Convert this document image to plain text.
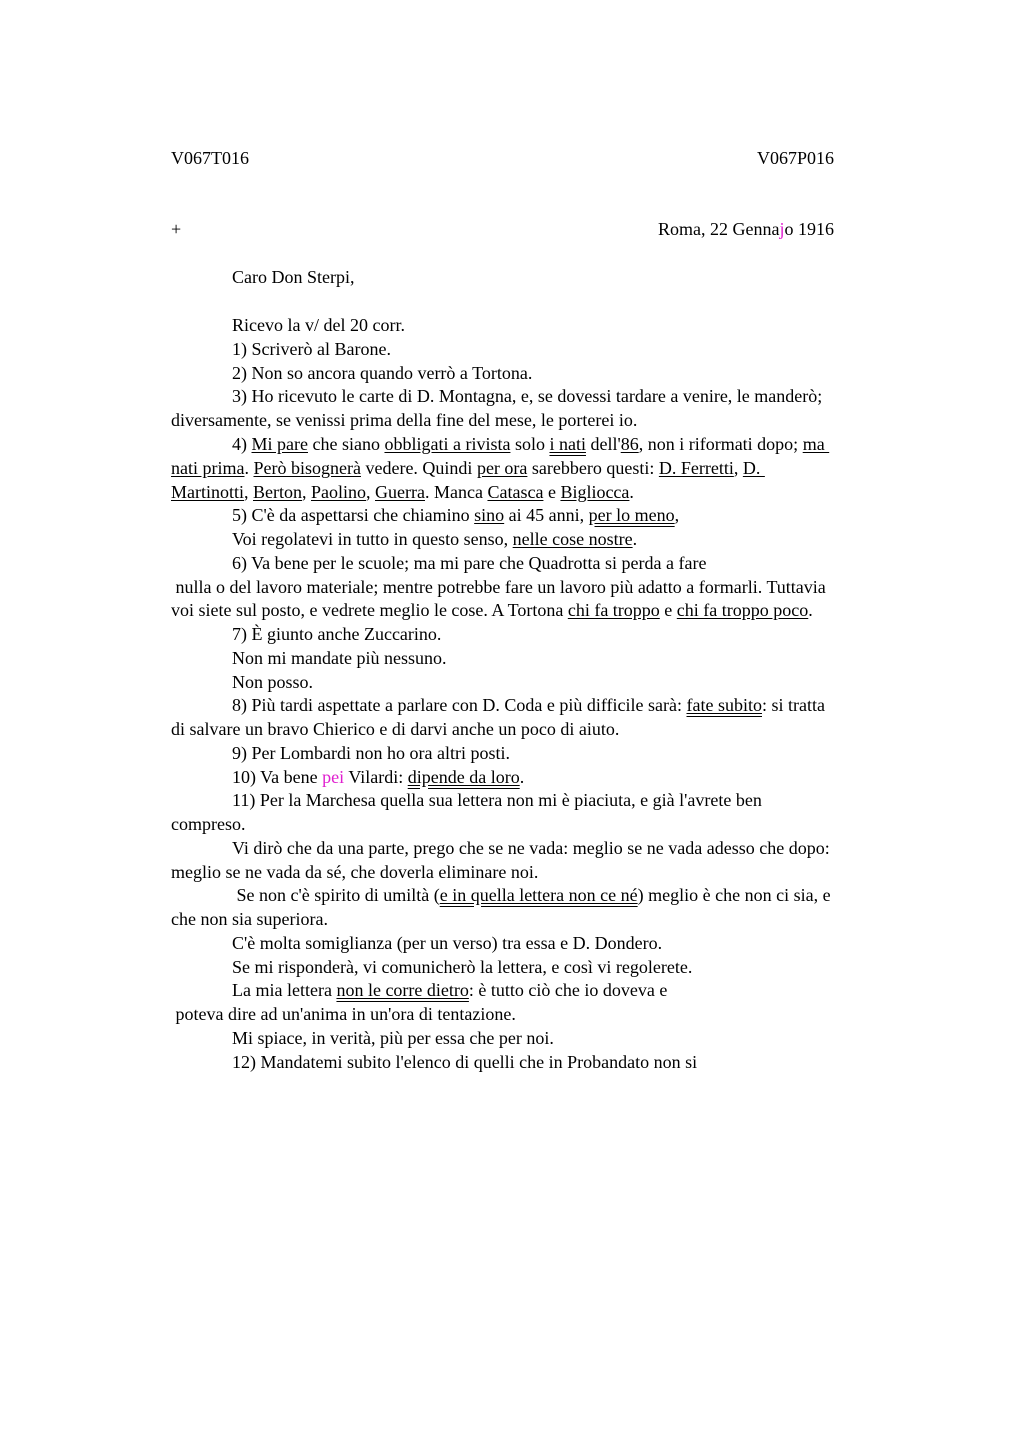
V067T016	V067P016
+	Roma, 22 Gennajo 1916
Caro Don Sterpi,
Ricevo la v/ del 20 corr.
1) Scriverò al Barone.
2) Non so ancora quando verrò a Tortona.
3) Ho ricevuto le carte di D. Montagna, e, se dovessi tardare a venire, le manderò;
diversamente, se venissi prima della fine del mese, le porterei io.
4) Mi pare che siano obbligati a rivista solo i nati dell'86, non i riformati dopo; ma
nati prima. Però bisognerà vedere. Quindi per ora sarebbero questi: D. Ferretti, D.
Martinotti, Berton, Paolino, Guerra. Manca Catasca e Bigliocca.
5) C'è da aspettarsi che chiamino sino ai 45 anni, per lo meno,
Voi regolatevi in tutto in questo senso, nelle cose nostre.
6) Va bene per le scuole; ma mi pare che Quadrotta si perda a fare
nulla o del lavoro materiale; mentre potrebbe fare un lavoro più adatto a formarli. Tuttavia
voi siete sul posto, e vedrete meglio le cose. A Tortona chi fa troppo e chi fa troppo poco.
7) È giunto anche Zuccarino.
Non mi mandate più nessuno.
Non posso.
8) Più tardi aspettate a parlare con D. Coda e più difficile sarà: fate subito: si tratta
di salvare un bravo Chierico e di darvi anche un poco di aiuto.
9) Per Lombardi non ho ora altri posti.
10) Va bene pei Vilardi: dipende da loro.
11) Per la Marchesa quella sua lettera non mi è piaciuta, e già l'avrete ben
compreso.
Vi dirò che da una parte, prego che se ne vada: meglio se ne vada adesso che dopo:
meglio se ne vada da sé, che doverla eliminare noi.
Se non c'è spirito di umiltà (e in quella lettera non ce né) meglio è che non ci sia, e
che non sia superiora.
C'è molta somiglianza (per un verso) tra essa e D. Dondero.
Se mi risponderà, vi comunicherò la lettera, e così vi regolerete.
La mia lettera non le corre dietro: è tutto ciò che io doveva e
poteva dire ad un'anima in un'ora di tentazione.
Mi spiace, in verità, più per essa che per noi.
12) Mandatemi subito l'elenco di quelli che in Probandato non si
